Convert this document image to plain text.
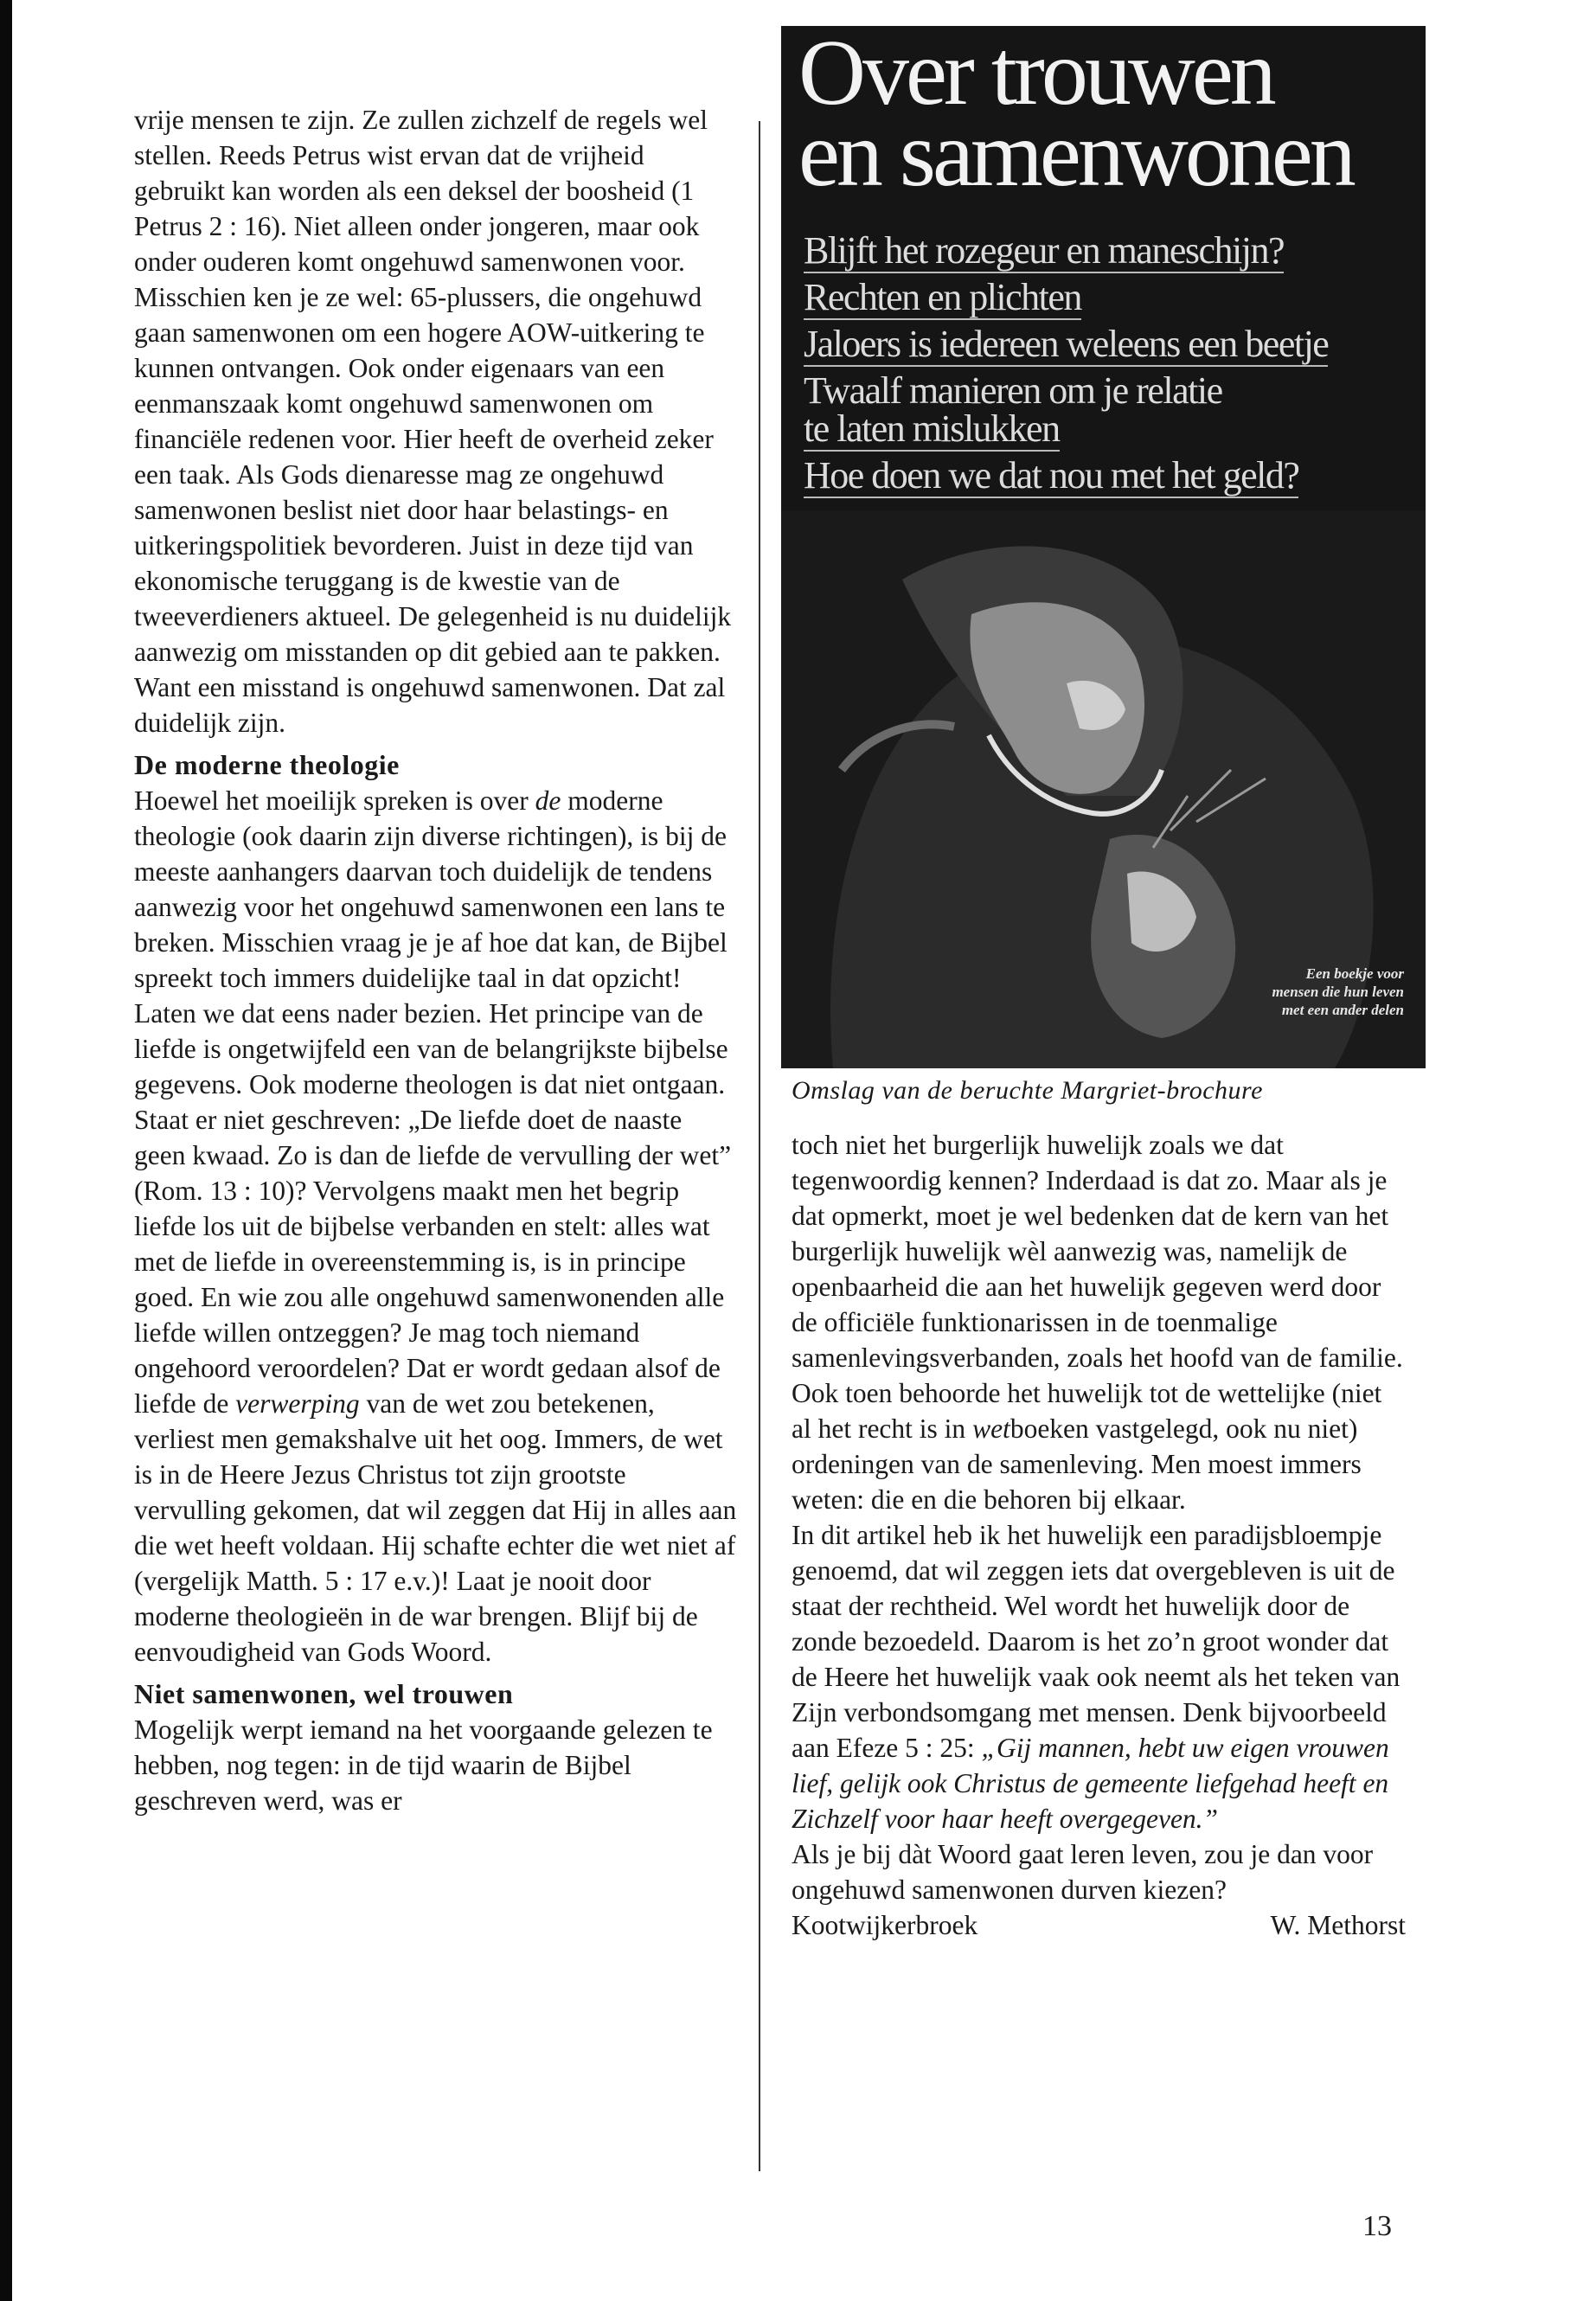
vrije mensen te zijn. Ze zullen zichzelf de regels wel stellen. Reeds Petrus wist ervan dat de vrijheid gebruikt kan worden als een deksel der boosheid (1 Petrus 2 : 16). Niet alleen onder jongeren, maar ook onder ouderen komt ongehuwd samenwonen voor. Misschien ken je ze wel: 65-plussers, die ongehuwd gaan samenwonen om een hogere AOW-uitkering te kunnen ontvangen. Ook onder eigenaars van een eenmanszaak komt ongehuwd samenwonen om financiële redenen voor. Hier heeft de overheid zeker een taak. Als Gods dienaresse mag ze ongehuwd samenwonen beslist niet door haar belastings- en uitkeringspolitiek bevorderen. Juist in deze tijd van ekonomische teruggang is de kwestie van de tweeverdieners aktueel. De gelegenheid is nu duidelijk aanwezig om misstanden op dit gebied aan te pakken. Want een misstand is ongehuwd samenwonen. Dat zal duidelijk zijn.

De moderne theologie

Hoewel het moeilijk spreken is over de moderne theologie (ook daarin zijn diverse richtingen), is bij de meeste aanhangers daarvan toch duidelijk de tendens aanwezig voor het ongehuwd samenwonen een lans te breken. Misschien vraag je je af hoe dat kan, de Bijbel spreekt toch immers duidelijke taal in dat opzicht!

Laten we dat eens nader bezien. Het principe van de liefde is ongetwijfeld een van de belangrijkste bijbelse gegevens. Ook moderne theologen is dat niet ontgaan. Staat er niet geschreven: „De liefde doet de naaste geen kwaad. Zo is dan de liefde de vervulling der wet” (Rom. 13 : 10)? Vervolgens maakt men het begrip liefde los uit de bijbelse verbanden en stelt: alles wat met de liefde in overeenstemming is, is in principe goed. En wie zou alle ongehuwd samenwonenden alle liefde willen ontzeggen? Je mag toch niemand ongehoord veroordelen? Dat er wordt gedaan alsof de liefde de verwerping van de wet zou betekenen, verliest men gemakshalve uit het oog. Immers, de wet is in de Heere Jezus Christus tot zijn grootste vervulling gekomen, dat wil zeggen dat Hij in alles aan die wet heeft voldaan. Hij schafte echter die wet niet af (vergelijk Matth. 5 : 17 e.v.)! Laat je nooit door moderne theologieën in de war brengen. Blijf bij de eenvoudigheid van Gods Woord.

Niet samenwonen, wel trouwen

Mogelijk werpt iemand na het voorgaande gelezen te hebben, nog tegen: in de tijd waarin de Bijbel geschreven werd, was er

Over trouwen
en samenwonen
Blijft het rozegeur en maneschijn?
Rechten en plichten
Jaloers is iedereen weleens een beetje
Twaalf manieren om je relatie
te laten mislukken
Hoe doen we dat nou met het geld?
Een boekje voor
mensen die hun leven
met een ander delen
Omslag van de beruchte Margriet-brochure

toch niet het burgerlijk huwelijk zoals we dat tegenwoordig kennen? Inderdaad is dat zo. Maar als je dat opmerkt, moet je wel bedenken dat de kern van het burgerlijk huwelijk wèl aanwezig was, namelijk de openbaarheid die aan het huwelijk gegeven werd door de officiële funktionarissen in de toenmalige samenlevingsverbanden, zoals het hoofd van de familie. Ook toen behoorde het huwelijk tot de wettelijke (niet al het recht is in wetboeken vastgelegd, ook nu niet) ordeningen van de samenleving. Men moest immers weten: die en die behoren bij elkaar.

In dit artikel heb ik het huwelijk een paradijsbloempje genoemd, dat wil zeggen iets dat overgebleven is uit de staat der rechtheid. Wel wordt het huwelijk door de zonde bezoedeld. Daarom is het zo’n groot wonder dat de Heere het huwelijk vaak ook neemt als het teken van Zijn verbondsomgang met mensen. Denk bijvoorbeeld aan Efeze 5 : 25: „Gij mannen, hebt uw eigen vrouwen lief, gelijk ook Christus de gemeente liefgehad heeft en Zichzelf voor haar heeft overgegeven.”

Als je bij dàt Woord gaat leren leven, zou je dan voor ongehuwd samenwonen durven kiezen?

Kootwijkerbroek	W. Methorst
13
